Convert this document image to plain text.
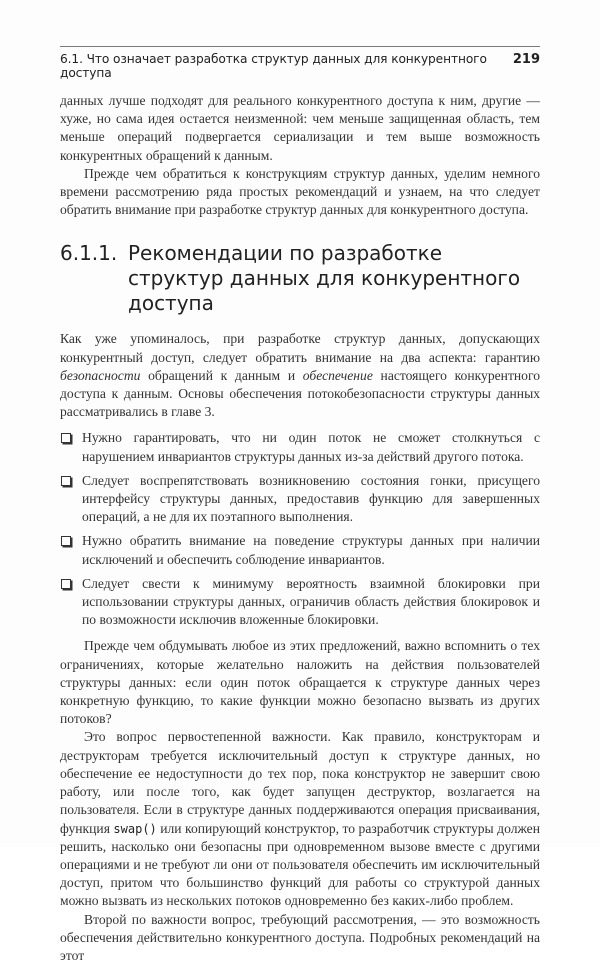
6.1. Что означает разработка структур данных для конкурентного доступа
219

данных лучше подходят для реального конкурентного доступа к ним, другие — хуже, но сама идея остается неизменной: чем меньше защищенная область, тем меньше операций подвергается сериализации и тем выше возможность конкурентных обращений к данным.

Прежде чем обратиться к конструкциям структур данных, уделим немного времени рассмотрению ряда простых рекомендаций и узнаем, на что следует обратить внимание при разработке структур данных для конкурентного доступа.

6.1.1. Рекомендации по разработке структур данных для конкурентного доступа

Как уже упоминалось, при разработке структур данных, допускающих конкурентный доступ, следует обратить внимание на два аспекта: гарантию безопасности обращений к данным и обеспечение настоящего конкурентного доступа к данным. Основы обеспечения потокобезопасности структуры данных рассматривались в главе 3.

Нужно гарантировать, что ни один поток не сможет столкнуться с нарушением инвариантов структуры данных из-за действий другого потока.
Следует воспрепятствовать возникновению состояния гонки, присущего интерфейсу структуры данных, предоставив функцию для завершенных операций, а не для их поэтапного выполнения.
Нужно обратить внимание на поведение структуры данных при наличии исключений и обеспечить соблюдение инвариантов.
Следует свести к минимуму вероятность взаимной блокировки при использовании структуры данных, ограничив область действия блокировок и по возможности исключив вложенные блокировки.

Прежде чем обдумывать любое из этих предложений, важно вспомнить о тех ограничениях, которые желательно наложить на действия пользователей структуры данных: если один поток обращается к структуре данных через конкретную функцию, то какие функции можно безопасно вызвать из других потоков?

Это вопрос первостепенной важности. Как правило, конструкторам и деструкторам требуется исключительный доступ к структуре данных, но обеспечение ее недоступности до тех пор, пока конструктор не завершит свою работу, или после того, как будет запущен деструктор, возлагается на пользователя. Если в структуре данных поддерживаются операция присваивания, функция swap() или копирующий конструктор, то разработчик структуры должен решить, насколько они безопасны при одновременном вызове вместе с другими операциями и не требуют ли они от пользователя обеспечить им исключительный доступ, притом что большинство функций для работы со структурой данных можно вызвать из нескольких потоков одновременно без каких-либо проблем.

Второй по важности вопрос, требующий рассмотрения, — это возможность обеспечения действительно конкурентного доступа. Подробных рекомендаций на этот
